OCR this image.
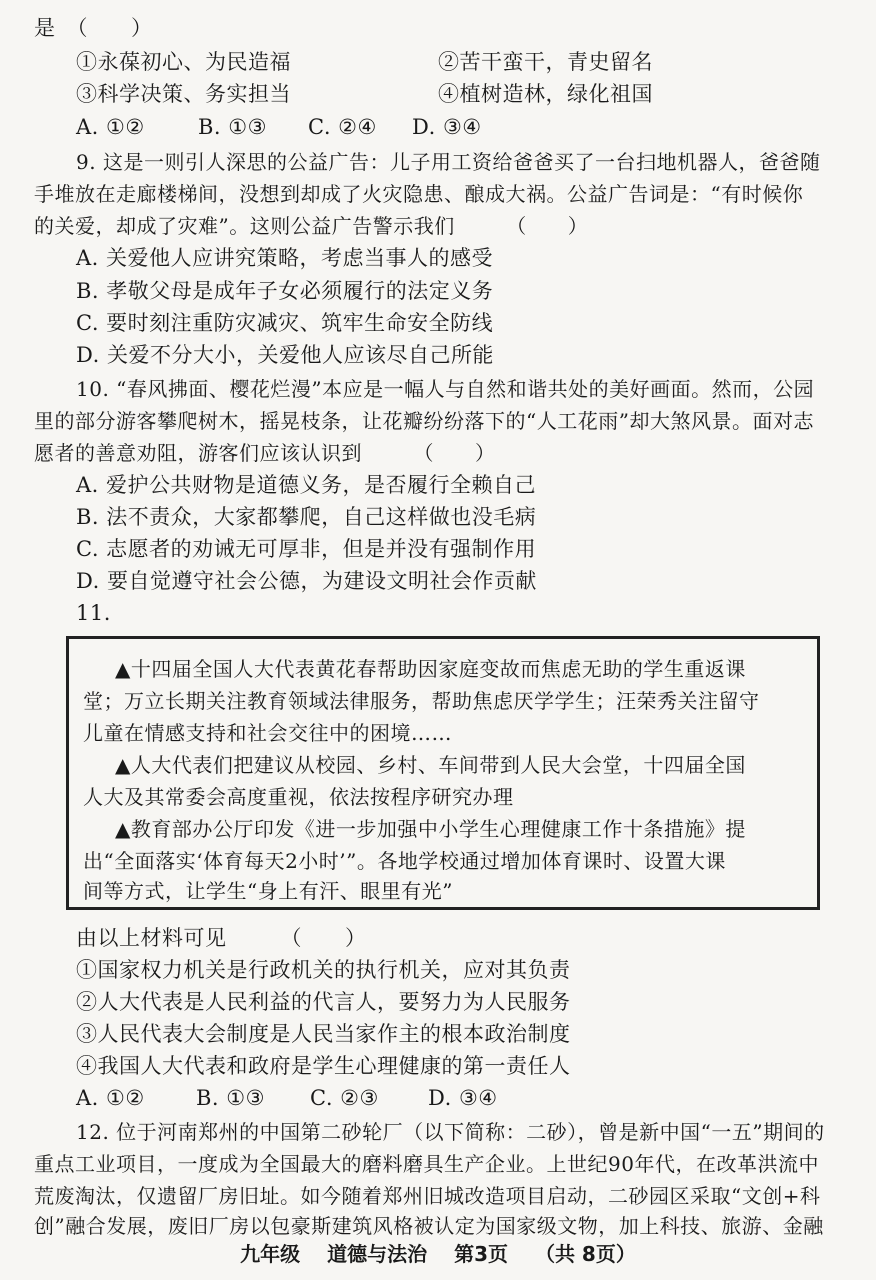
是　（　　）
①永葆初心、为民造福	②苦干蛮干，青史留名
③科学决策、务实担当	④植树造林，绿化祖国
A. ①②	B. ①③ C. ②④ D. ③④
9. 这是一则引人深思的公益广告：儿子用工资给爸爸买了一台扫地机器人，爸爸随
手堆放在走廊楼梯间，没想到却成了火灾隐患、酿成大祸。公益广告词是：“有时候你
的关爱，却成了灾难”。这则公益广告警示我们　　　（　　）
A. 关爱他人应讲究策略，考虑当事人的感受
B. 孝敬父母是成年子女必须履行的法定义务
C. 要时刻注重防灾减灾、筑牢生命安全防线
D. 关爱不分大小，关爱他人应该尽自己所能
10. “春风拂面、樱花烂漫”本应是一幅人与自然和谐共处的美好画面。然而，公园
里的部分游客攀爬树木，摇晃枝条，让花瓣纷纷落下的“人工花雨”却大煞风景。面对志
愿者的善意劝阻，游客们应该认识到　　　（　　）
A. 爱护公共财物是道德义务，是否履行全赖自己
B. 法不责众，大家都攀爬，自己这样做也没毛病
C. 志愿者的劝诫无可厚非，但是并没有强制作用
D. 要自觉遵守社会公德，为建设文明社会作贡献
11.
▲十四届全国人大代表黄花春帮助因家庭变故而焦虑无助的学生重返课
堂；万立长期关注教育领域法律服务，帮助焦虑厌学学生；汪荣秀关注留守
儿童在情感支持和社会交往中的困境……
▲人大代表们把建议从校园、乡村、车间带到人民大会堂，十四届全国
人大及其常委会高度重视，依法按程序研究办理
▲教育部办公厅印发《进一步加强中小学生心理健康工作十条措施》提
出“全面落实‘体育每天2小时’”。各地学校通过增加体育课时、设置大课
间等方式，让学生“身上有汗、眼里有光”
由以上材料可见　　　（　　）
①国家权力机关是行政机关的执行机关，应对其负责
②人大代表是人民利益的代言人，要努力为人民服务
③人民代表大会制度是人民当家作主的根本政治制度
④我国人大代表和政府是学生心理健康的第一责任人
A. ①② B. ①③ C. ②③ D. ③④
12. 位于河南郑州的中国第二砂轮厂（以下简称：二砂），曾是新中国“一五”期间的
重点工业项目，一度成为全国最大的磨料磨具生产企业。上世纪90年代，在改革洪流中
荒废淘汰，仅遗留厂房旧址。如今随着郑州旧城改造项目启动，二砂园区采取“文创+科
创”融合发展，废旧厂房以包豪斯建筑风格被认定为国家级文物，加上科技、旅游、金融
九年级 道德与法治 第3页 （共 8页）
